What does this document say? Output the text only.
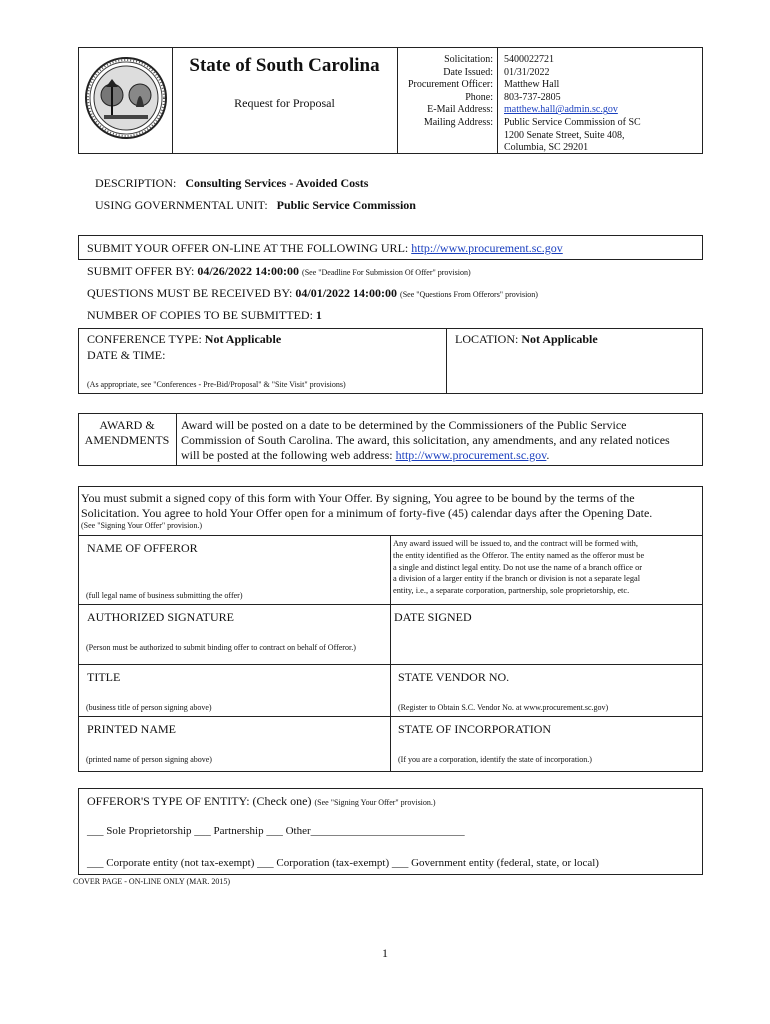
State of South Carolina
Request for Proposal
Solicitation:
Date Issued:
Procurement Officer:
Phone:
E-Mail Address:
Mailing Address:
5400022721
01/31/2022
Matthew Hall
803-737-2805
matthew.hall@admin.sc.gov
Public Service Commission of SC
1200 Senate Street, Suite 408,
Columbia, SC 29201
DESCRIPTION: Consulting Services - Avoided Costs
USING GOVERNMENTAL UNIT: Public Service Commission
SUBMIT YOUR OFFER ON-LINE AT THE FOLLOWING URL: http://www.procurement.sc.gov
SUBMIT OFFER BY: 04/26/2022 14:00:00 (See "Deadline For Submission Of Offer" provision)
QUESTIONS MUST BE RECEIVED BY: 04/01/2022 14:00:00 (See "Questions From Offerors" provision)
NUMBER OF COPIES TO BE SUBMITTED: 1
CONFERENCE TYPE: Not Applicable
DATE & TIME:
(As appropriate, see "Conferences - Pre-Bid/Proposal" & "Site Visit" provisions)
LOCATION: Not Applicable
AWARD &
AMENDMENTS
Award will be posted on a date to be determined by the Commissioners of the Public Service
Commission of South Carolina. The award, this solicitation, any amendments, and any related notices
will be posted at the following web address: http://www.procurement.sc.gov.
You must submit a signed copy of this form with Your Offer. By signing, You agree to be bound by the terms of the
Solicitation. You agree to hold Your Offer open for a minimum of forty-five (45) calendar days after the Opening Date.
(See "Signing Your Offer" provision.)
NAME OF OFFEROR
(full legal name of business submitting the offer)
Any award issued will be issued to, and the contract will be formed with,
the entity identified as the Offeror. The entity named as the offeror must be
a single and distinct legal entity. Do not use the name of a branch office or
a division of a larger entity if the branch or division is not a separate legal
entity, i.e., a separate corporation, partnership, sole proprietorship, etc.
AUTHORIZED SIGNATURE
(Person must be authorized to submit binding offer to contract on behalf of Offeror.)
DATE SIGNED
TITLE
(business title of person signing above)
STATE VENDOR NO.
(Register to Obtain S.C. Vendor No. at www.procurement.sc.gov)
PRINTED NAME
(printed name of person signing above)
STATE OF INCORPORATION
(If you are a corporation, identify the state of incorporation.)
OFFEROR'S TYPE OF ENTITY: (Check one) (See "Signing Your Offer" provision.)
___ Sole Proprietorship ___ Partnership ___ Other____________________________
___ Corporate entity (not tax-exempt) ___ Corporation (tax-exempt) ___ Government entity (federal, state, or local)
COVER PAGE - ON-LINE ONLY (MAR. 2015)
1
